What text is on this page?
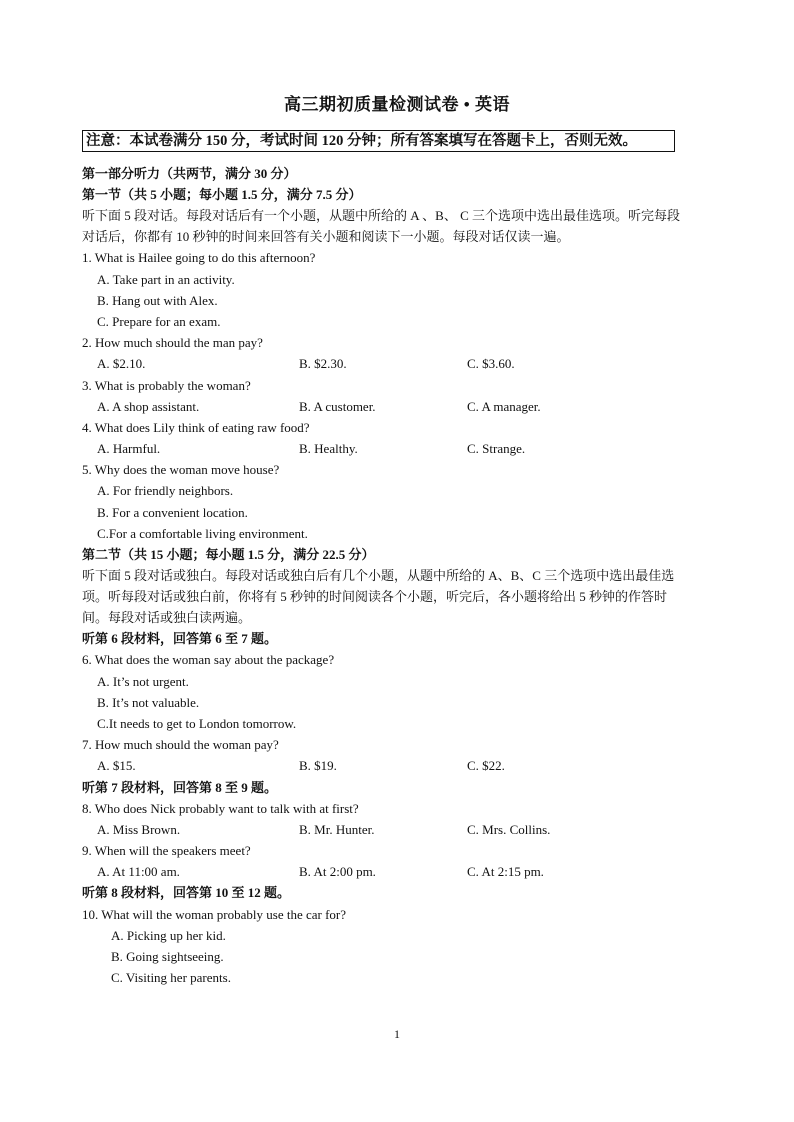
高三期初质量检测试卷 • 英语
注意：本试卷满分 150 分，考试时间 120 分钟；所有答案填写在答题卡上，否则无效。
第一部分听力（共两节，满分 30 分）
第一节（共 5 小题；每小题 1.5 分，满分 7.5 分）
听下面 5 段对话。每段对话后有一个小题，从题中所给的 A 、B、 C 三个选项中选出最佳选项。听完每段对话后，你都有 10 秒钟的时间来回答有关小题和阅读下一小题。每段对话仅读一遍。
1. What is Hailee going to do this afternoon?
A. Take part in an activity.
B. Hang out with Alex.
C. Prepare for an exam.
2. How much should the man pay?
A. $2.10.	B. $2.30.	C. $3.60.
3. What is probably the woman?
A. A shop assistant.	B. A customer.	C. A manager.
4. What does Lily think of eating raw food?
A. Harmful.	B. Healthy.	C. Strange.
5. Why does the woman move house?
A. For friendly neighbors.
B. For a convenient location.
C.For a comfortable living environment.
第二节（共 15 小题；每小题 1.5 分，满分 22.5 分）
听下面 5 段对话或独白。每段对话或独白后有几个小题，从题中所给的 A、B、C 三个选项中选出最佳选项。听每段对话或独白前，你将有 5 秒钟的时间阅读各个小题，听完后，各小题将给出 5 秒钟的作答时间。每段对话或独白读两遍。
听第 6 段材料，回答第 6 至 7 题。
6. What does the woman say about the package?
A. It’s not urgent.
B. It’s not valuable.
C.It needs to get to London tomorrow.
7. How much should the woman pay?
A. $15.	B. $19.	C. $22.
听第 7 段材料，回答第 8 至 9 题。
8. Who does Nick probably want to talk with at first?
A. Miss Brown.	B. Mr. Hunter.	C. Mrs. Collins.
9. When will the speakers meet?
A. At 11:00 am.	B. At 2:00 pm.	C. At 2:15 pm.
听第 8 段材料，回答第 10 至 12 题。
10. What will the woman probably use the car for?
A. Picking up her kid.
B. Going sightseeing.
C. Visiting her parents.
1
